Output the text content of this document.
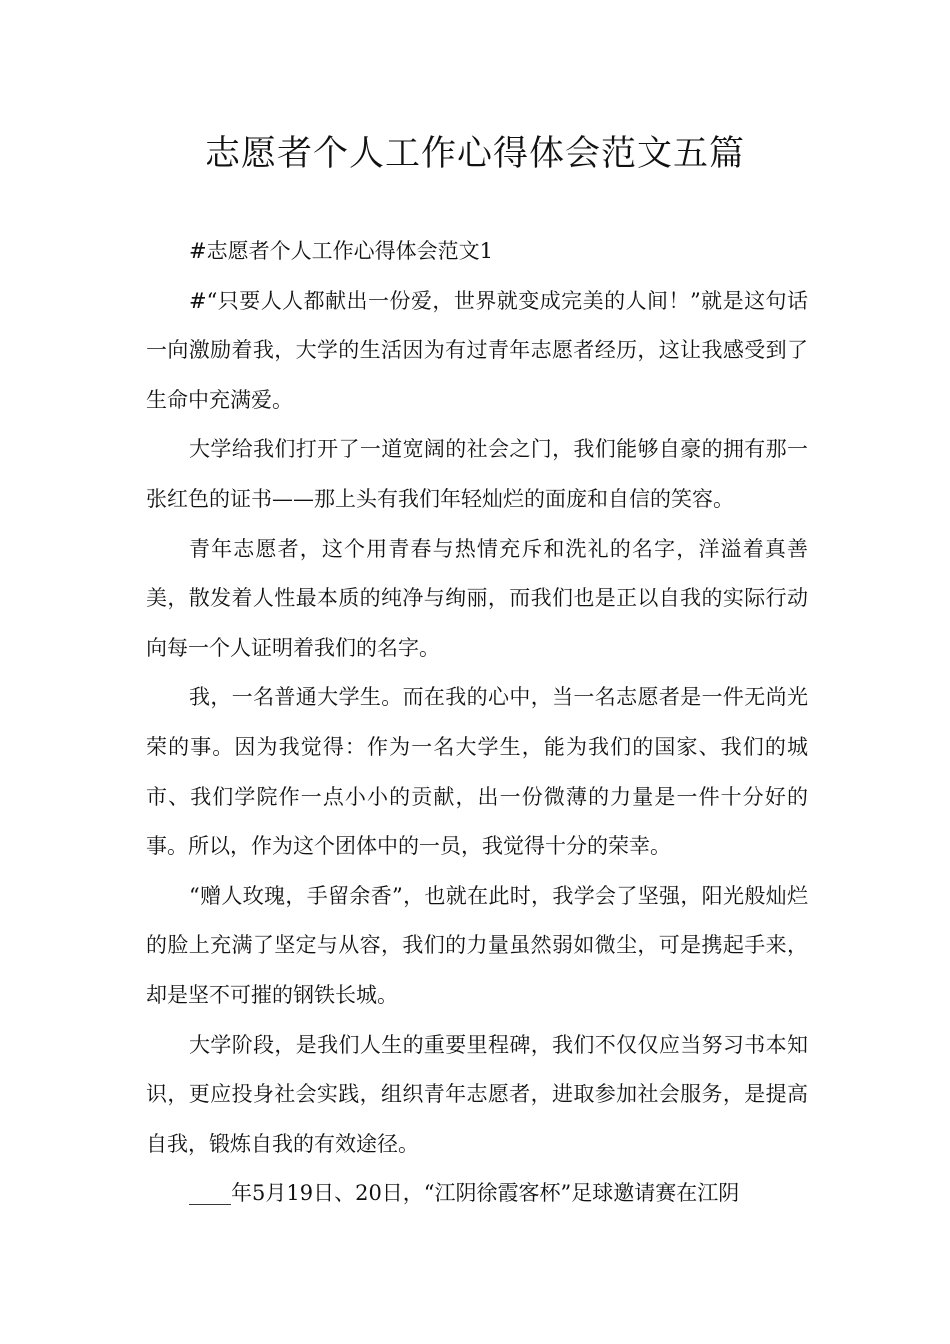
志愿者个人工作心得体会范文五篇

#志愿者个人工作心得体会范文1

#“只要人人都献出一份爱，世界就变成完美的人间！”就是这句话一向激励着我，大学的生活因为有过青年志愿者经历，这让我感受到了生命中充满爱。

大学给我们打开了一道宽阔的社会之门，我们能够自豪的拥有那一张红色的证书——那上头有我们年轻灿烂的面庞和自信的笑容。

青年志愿者，这个用青春与热情充斥和洗礼的名字，洋溢着真善美，散发着人性最本质的纯净与绚丽，而我们也是正以自我的实际行动向每一个人证明着我们的名字。

我，一名普通大学生。而在我的心中，当一名志愿者是一件无尚光荣的事。因为我觉得：作为一名大学生，能为我们的国家、我们的城市、我们学院作一点小小的贡献，出一份微薄的力量是一件十分好的事。所以，作为这个团体中的一员，我觉得十分的荣幸。

“赠人玫瑰，手留余香”，也就在此时，我学会了坚强，阳光般灿烂的脸上充满了坚定与从容，我们的力量虽然弱如微尘，可是携起手来，却是坚不可摧的钢铁长城。

大学阶段，是我们人生的重要里程碑，我们不仅仅应当努习书本知识，更应投身社会实践，组织青年志愿者，进取参加社会服务，是提高自我，锻炼自我的有效途径。

____年5月19日、20日，“江阴徐霞客杯”足球邀请赛在江阴
